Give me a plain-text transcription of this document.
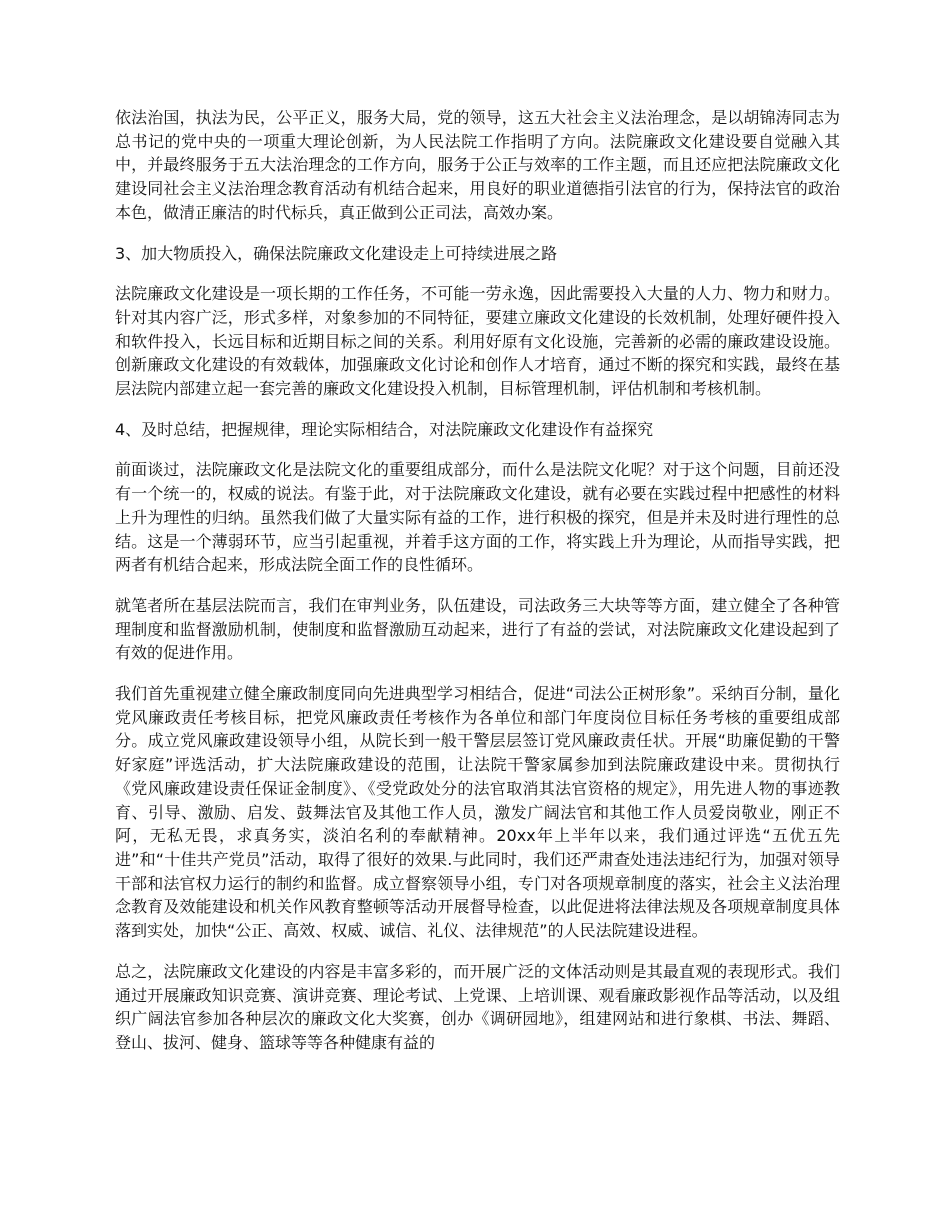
依法治国，执法为民，公平正义，服务大局，党的领导，这五大社会主义法治理念，是以胡锦涛同志为总书记的党中央的一项重大理论创新，为人民法院工作指明了方向。法院廉政文化建设要自觉融入其中，并最终服务于五大法治理念的工作方向，服务于公正与效率的工作主题，而且还应把法院廉政文化建设同社会主义法治理念教育活动有机结合起来，用良好的职业道德指引法官的行为，保持法官的政治本色，做清正廉洁的时代标兵，真正做到公正司法，高效办案。

3、加大物质投入，确保法院廉政文化建设走上可持续进展之路

法院廉政文化建设是一项长期的工作任务，不可能一劳永逸，因此需要投入大量的人力、物力和财力。针对其内容广泛，形式多样，对象参加的不同特征，要建立廉政文化建设的长效机制，处理好硬件投入和软件投入，长远目标和近期目标之间的关系。利用好原有文化设施，完善新的必需的廉政建设设施。创新廉政文化建设的有效载体，加强廉政文化讨论和创作人才培育，通过不断的探究和实践，最终在基层法院内部建立起一套完善的廉政文化建设投入机制，目标管理机制，评估机制和考核机制。

4、及时总结，把握规律，理论实际相结合，对法院廉政文化建设作有益探究

前面谈过，法院廉政文化是法院文化的重要组成部分，而什么是法院文化呢？对于这个问题，目前还没有一个统一的，权威的说法。有鉴于此，对于法院廉政文化建设，就有必要在实践过程中把感性的材料上升为理性的归纳。虽然我们做了大量实际有益的工作，进行积极的探究，但是并未及时进行理性的总结。这是一个薄弱环节，应当引起重视，并着手这方面的工作，将实践上升为理论，从而指导实践，把两者有机结合起来，形成法院全面工作的良性循环。

就笔者所在基层法院而言，我们在审判业务，队伍建设，司法政务三大块等等方面，建立健全了各种管理制度和监督激励机制，使制度和监督激励互动起来，进行了有益的尝试，对法院廉政文化建设起到了有效的促进作用。

我们首先重视建立健全廉政制度同向先进典型学习相结合，促进“司法公正树形象”。采纳百分制，量化党风廉政责任考核目标，把党风廉政责任考核作为各单位和部门年度岗位目标任务考核的重要组成部分。成立党风廉政建设领导小组，从院长到一般干警层层签订党风廉政责任状。开展“助廉促勤的干警好家庭”评选活动，扩大法院廉政建设的范围，让法院干警家属参加到法院廉政建设中来。贯彻执行《党风廉政建设责任保证金制度》、《受党政处分的法官取消其法官资格的规定》，用先进人物的事迹教育、引导、激励、启发、鼓舞法官及其他工作人员，激发广阔法官和其他工作人员爱岗敬业，刚正不阿，无私无畏，求真务实，淡泊名利的奉献精神。20xx年上半年以来，我们通过评选“五优五先进”和“十佳共产党员”活动，取得了很好的效果.与此同时，我们还严肃查处违法违纪行为，加强对领导干部和法官权力运行的制约和监督。成立督察领导小组，专门对各项规章制度的落实，社会主义法治理念教育及效能建设和机关作风教育整顿等活动开展督导检查，以此促进将法律法规及各项规章制度具体落到实处，加快“公正、高效、权威、诚信、礼仪、法律规范”的人民法院建设进程。

总之，法院廉政文化建设的内容是丰富多彩的，而开展广泛的文体活动则是其最直观的表现形式。我们通过开展廉政知识竞赛、演讲竞赛、理论考试、上党课、上培训课、观看廉政影视作品等活动，以及组织广阔法官参加各种层次的廉政文化大奖赛，创办《调研园地》，组建网站和进行象棋、书法、舞蹈、登山、拔河、健身、篮球等等各种健康有益的
